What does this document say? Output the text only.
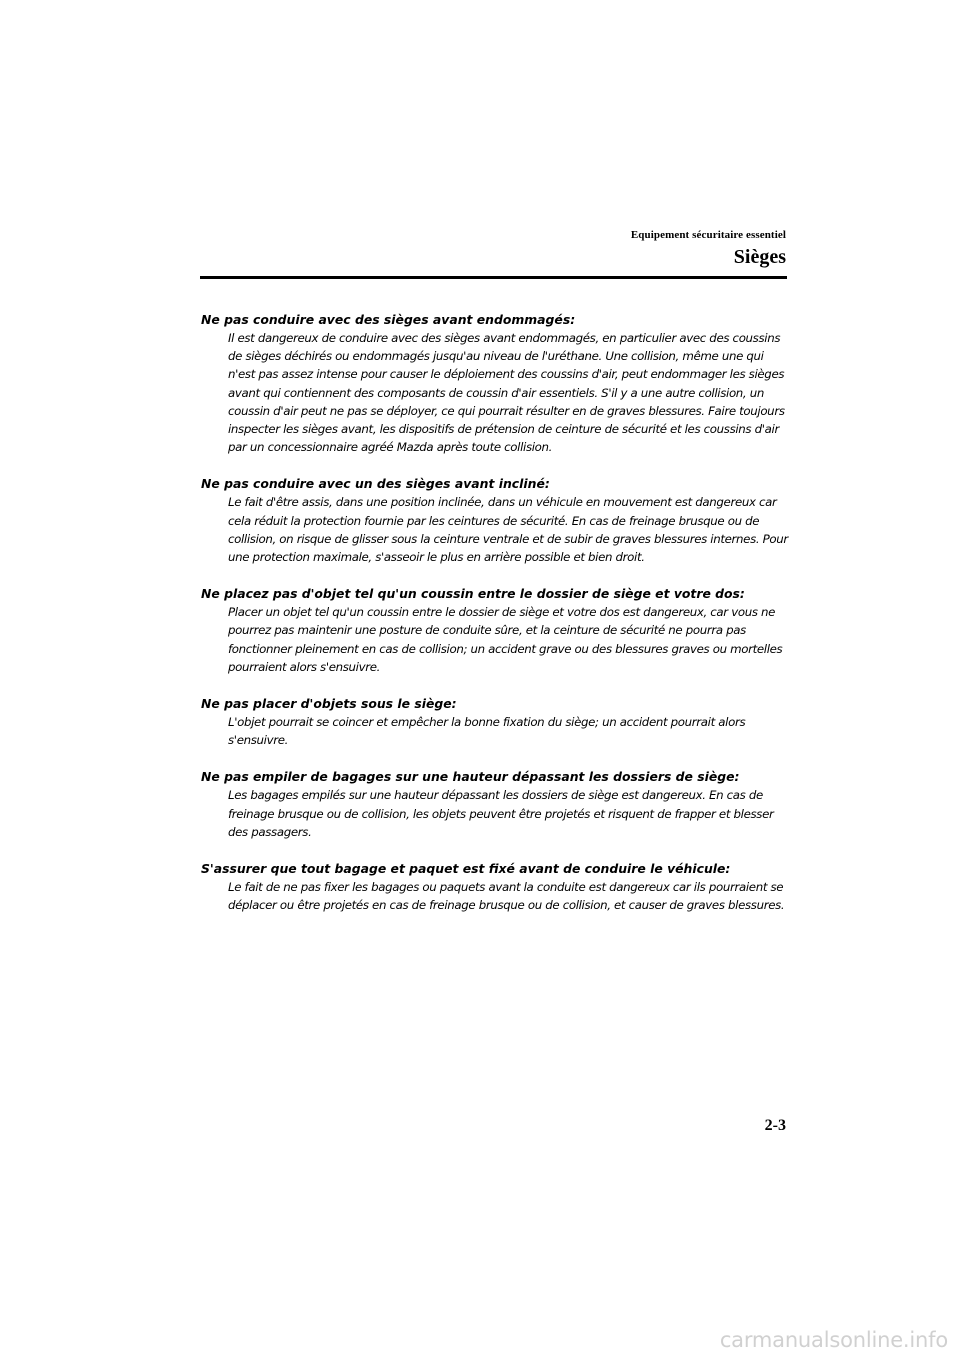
Equipement sécuritaire essentiel
Sièges
Ne pas conduire avec des sièges avant endommagés:
Il est dangereux de conduire avec des sièges avant endommagés, en particulier avec des coussins de sièges déchirés ou endommagés jusqu'au niveau de l'uréthane. Une collision, même une qui n'est pas assez intense pour causer le déploiement des coussins d'air, peut endommager les sièges avant qui contiennent des composants de coussin d'air essentiels. S'il y a une autre collision, un coussin d'air peut ne pas se déployer, ce qui pourrait résulter en de graves blessures. Faire toujours inspecter les sièges avant, les dispositifs de prétension de ceinture de sécurité et les coussins d'air par un concessionnaire agréé Mazda après toute collision.
Ne pas conduire avec un des sièges avant incliné:
Le fait d'être assis, dans une position inclinée, dans un véhicule en mouvement est dangereux car cela réduit la protection fournie par les ceintures de sécurité. En cas de freinage brusque ou de collision, on risque de glisser sous la ceinture ventrale et de subir de graves blessures internes. Pour une protection maximale, s'asseoir le plus en arrière possible et bien droit.
Ne placez pas d'objet tel qu'un coussin entre le dossier de siège et votre dos:
Placer un objet tel qu'un coussin entre le dossier de siège et votre dos est dangereux, car vous ne pourrez pas maintenir une posture de conduite sûre, et la ceinture de sécurité ne pourra pas fonctionner pleinement en cas de collision; un accident grave ou des blessures graves ou mortelles pourraient alors s'ensuivre.
Ne pas placer d'objets sous le siège:
L'objet pourrait se coincer et empêcher la bonne fixation du siège; un accident pourrait alors s'ensuivre.
Ne pas empiler de bagages sur une hauteur dépassant les dossiers de siège:
Les bagages empilés sur une hauteur dépassant les dossiers de siège est dangereux. En cas de freinage brusque ou de collision, les objets peuvent être projetés et risquent de frapper et blesser des passagers.
S'assurer que tout bagage et paquet est fixé avant de conduire le véhicule:
Le fait de ne pas fixer les bagages ou paquets avant la conduite est dangereux car ils pourraient se déplacer ou être projetés en cas de freinage brusque ou de collision, et causer de graves blessures.
2-3
carmanualsonline.info
